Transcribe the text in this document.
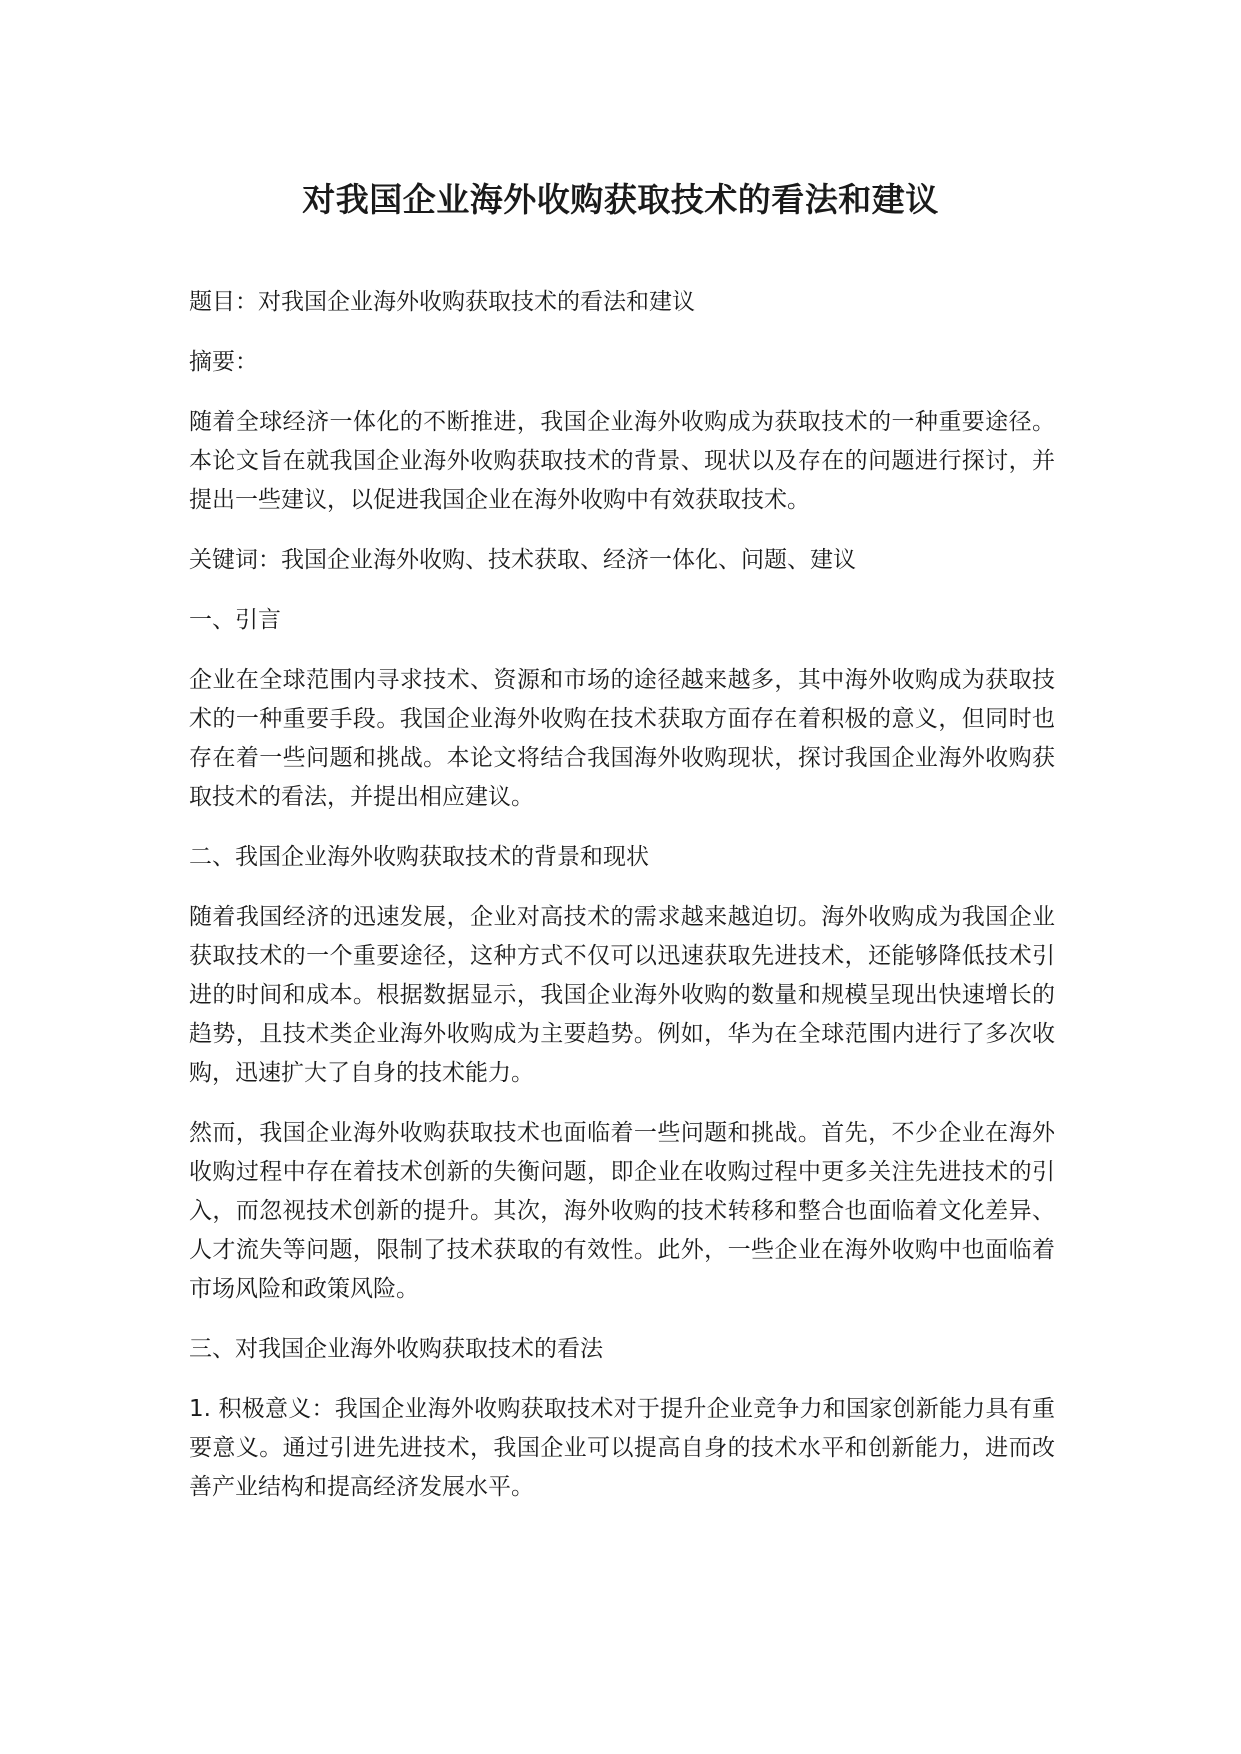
对我国企业海外收购获取技术的看法和建议

题目：对我国企业海外收购获取技术的看法和建议

摘要：

随着全球经济一体化的不断推进，我国企业海外收购成为获取技术的一种重要途径。本论文旨在就我国企业海外收购获取技术的背景、现状以及存在的问题进行探讨，并提出一些建议，以促进我国企业在海外收购中有效获取技术。

关键词：我国企业海外收购、技术获取、经济一体化、问题、建议

一、引言

企业在全球范围内寻求技术、资源和市场的途径越来越多，其中海外收购成为获取技术的一种重要手段。我国企业海外收购在技术获取方面存在着积极的意义，但同时也存在着一些问题和挑战。本论文将结合我国海外收购现状，探讨我国企业海外收购获取技术的看法，并提出相应建议。

二、我国企业海外收购获取技术的背景和现状

随着我国经济的迅速发展，企业对高技术的需求越来越迫切。海外收购成为我国企业获取技术的一个重要途径，这种方式不仅可以迅速获取先进技术，还能够降低技术引进的时间和成本。根据数据显示，我国企业海外收购的数量和规模呈现出快速增长的趋势，且技术类企业海外收购成为主要趋势。例如，华为在全球范围内进行了多次收购，迅速扩大了自身的技术能力。

然而，我国企业海外收购获取技术也面临着一些问题和挑战。首先，不少企业在海外收购过程中存在着技术创新的失衡问题，即企业在收购过程中更多关注先进技术的引入，而忽视技术创新的提升。其次，海外收购的技术转移和整合也面临着文化差异、人才流失等问题，限制了技术获取的有效性。此外，一些企业在海外收购中也面临着市场风险和政策风险。

三、对我国企业海外收购获取技术的看法

1. 积极意义：我国企业海外收购获取技术对于提升企业竞争力和国家创新能力具有重要意义。通过引进先进技术，我国企业可以提高自身的技术水平和创新能力，进而改善产业结构和提高经济发展水平。
